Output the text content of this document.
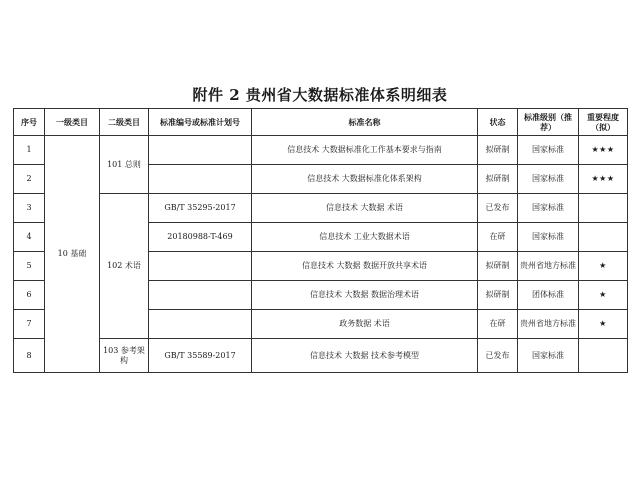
附件 2 贵州省大数据标准体系明细表
序号	一级类目	二级类目	标准编号或标准计划号	标准名称	状态	标准级别（推荐）	重要程度（拟）
1	10 基础	101 总则		信息技术 大数据标准化工作基本要求与指南	拟研制	国家标准	★★★
2				信息技术 大数据标准化体系架构	拟研制	国家标准	★★★
3		102 术语	GB/T 35295-2017	信息技术 大数据 术语	已发布	国家标准	
4			20180988-T-469	信息技术 工业大数据术语	在研	国家标准	
5				信息技术 大数据 数据开放共享术语	拟研制	贵州省地方标准	★
6				信息技术 大数据 数据治理术语	拟研制	团体标准	★
7				政务数据 术语	在研	贵州省地方标准	★
8		103 参考架构	GB/T 35589-2017	信息技术 大数据 技术参考模型	已发布	国家标准	
